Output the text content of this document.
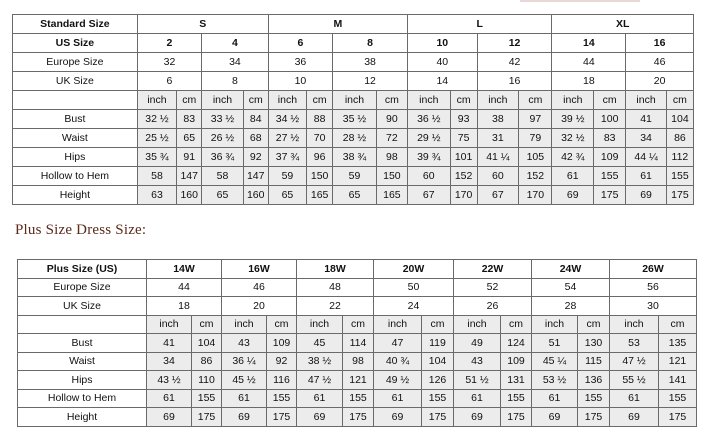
Standard Size	S				M				L				XL			
US Size	2		4		6		8		10		12		14		16	
Europe Size	32		34		36		38		40		42		44		46	
UK Size	6		8		10		12		14		16		18		20	
	inch	cm	inch	cm	inch	cm	inch	cm	inch	cm	inch	cm	inch	cm	inch	cm
Bust	32 ½	83	33 ½	84	34 ½	88	35 ½	90	36 ½	93	38	97	39 ½	100	41	104
Waist	25 ½	65	26 ½	68	27 ½	70	28 ½	72	29 ½	75	31	79	32 ½	83	34	86
Hips	35 ¾	91	36 ¾	92	37 ¾	96	38 ¾	98	39 ¾	101	41 ¼	105	42 ¾	109	44 ¼	112
Hollow to Hem	58	147	58	147	59	150	59	150	60	152	60	152	61	155	61	155
Height	63	160	65	160	65	165	65	165	67	170	67	170	69	175	69	175
Plus Size Dress Size:
Plus Size (US)	14W		16W		18W		20W		22W		24W		26W	
Europe Size	44		46		48		50		52		54		56	
UK Size	18		20		22		24		26		28		30	
	inch	cm	inch	cm	inch	cm	inch	cm	inch	cm	inch	cm	inch	cm
Bust	41	104	43	109	45	114	47	119	49	124	51	130	53	135
Waist	34	86	36 ¼	92	38 ½	98	40 ¾	104	43	109	45 ¼	115	47 ½	121
Hips	43 ½	110	45 ½	116	47 ½	121	49 ½	126	51 ½	131	53 ½	136	55 ½	141
Hollow to Hem	61	155	61	155	61	155	61	155	61	155	61	155	61	155
Height	69	175	69	175	69	175	69	175	69	175	69	175	69	175
